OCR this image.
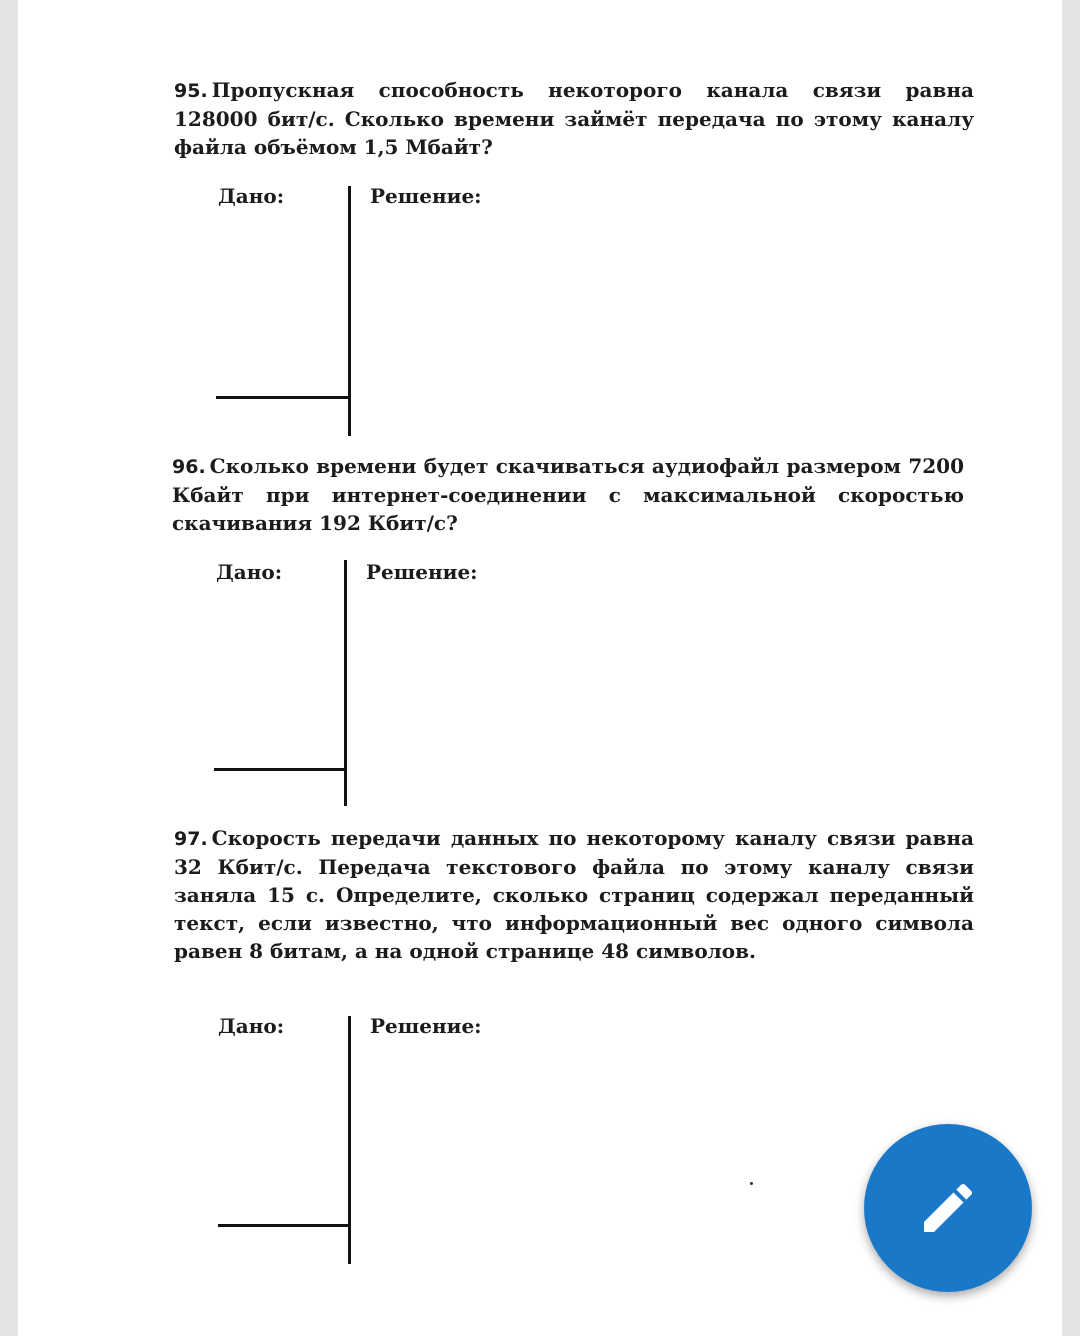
95. Пропускная способность некоторого канала связи равна 128000 бит/с. Сколько времени займёт передача по этому каналу файла объёмом 1,5 Мбайт?
Дано:	Решение:
96. Сколько времени будет скачиваться аудиофайл размером 7200 Кбайт при интернет-соединении с максимальной скоростью скачивания 192 Кбит/с?
Дано:	Решение:
97. Скорость передачи данных по некоторому каналу связи равна 32 Кбит/с. Передача текстового файла по этому каналу связи заняла 15 с. Определите, сколько страниц содержал переданный текст, если известно, что информационный вес одного символа равен 8 битам, а на одной странице 48 символов.
Дано:	Решение:
